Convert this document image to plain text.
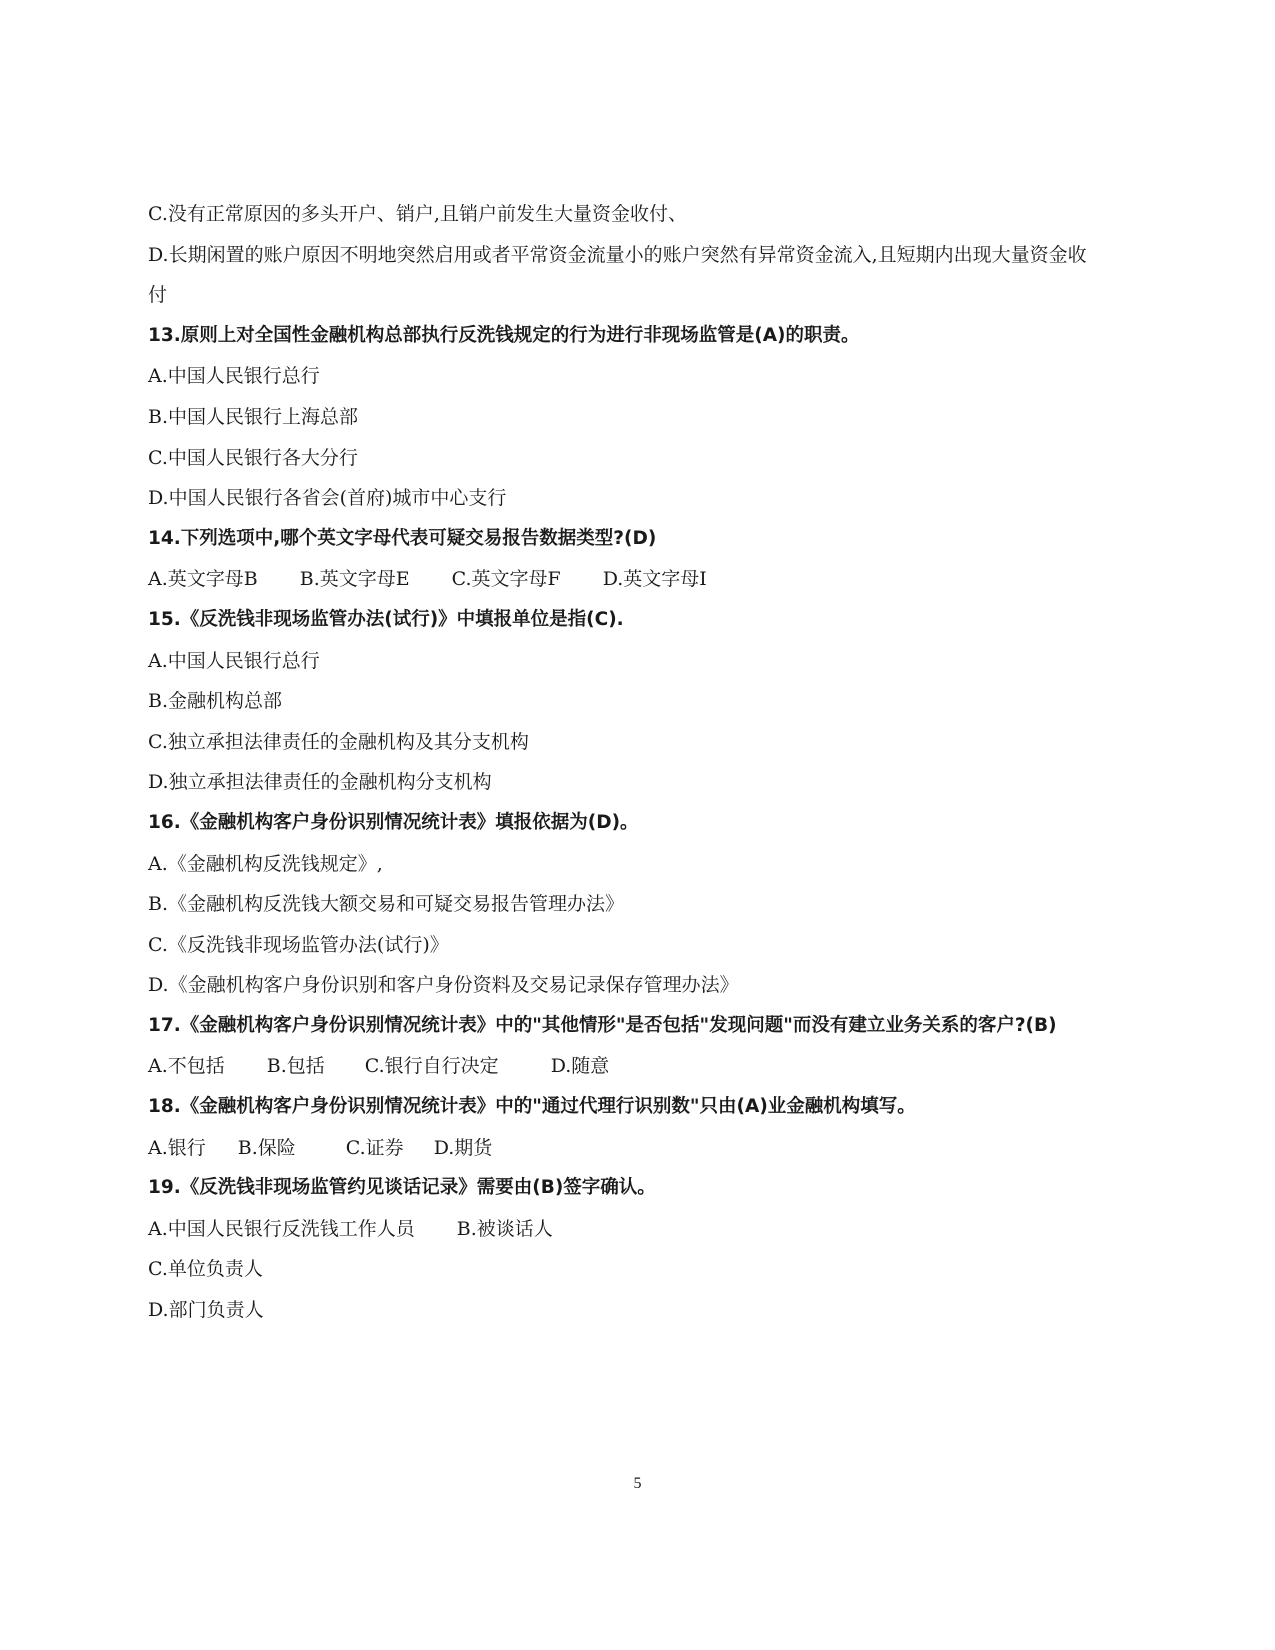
C.没有正常原因的多头开户、销户,且销户前发生大量资金收付、
D.长期闲置的账户原因不明地突然启用或者平常资金流量小的账户突然有异常资金流入,且短期内出现大量资金收付
13.原则上对全国性金融机构总部执行反洗钱规定的行为进行非现场监管是(A)的职责。
A.中国人民银行总行
B.中国人民银行上海总部
C.中国人民银行各大分行
D.中国人民银行各省会(首府)城市中心支行
14.下列选项中,哪个英文字母代表可疑交易报告数据类型?(D)
A.英文字母B B.英文字母E C.英文字母F D.英文字母I
15.《反洗钱非现场监管办法(试行)》中填报单位是指(C).
A.中国人民银行总行
B.金融机构总部
C.独立承担法律责任的金融机构及其分支机构
D.独立承担法律责任的金融机构分支机构
16.《金融机构客户身份识别情况统计表》填报依据为(D)。
A.《金融机构反洗钱规定》,
B.《金融机构反洗钱大额交易和可疑交易报告管理办法》
C.《反洗钱非现场监管办法(试行)》
D.《金融机构客户身份识别和客户身份资料及交易记录保存管理办法》
17.《金融机构客户身份识别情况统计表》中的"其他情形"是否包括"发现问题"而没有建立业务关系的客户?(B)
A.不包括 B.包括 C.银行自行决定	D.随意
18.《金融机构客户身份识别情况统计表》中的"通过代理行识别数"只由(A)业金融机构填写。
A.银行 B.保险	C.证券 D.期货
19.《反洗钱非现场监管约见谈话记录》需要由(B)签字确认。
A.中国人民银行反洗钱工作人员 B.被谈话人
C.单位负责人
D.部门负责人
5
